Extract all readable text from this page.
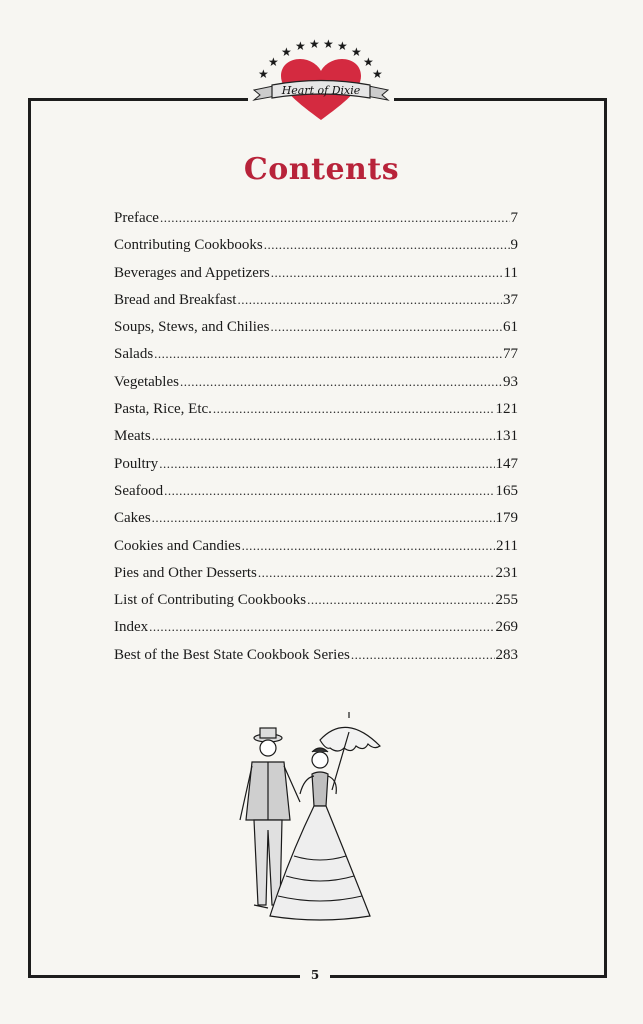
★
★
★ ★ ★ ★ ★ ★
★
★
Heart of Dixie
Contents
Preface .....	7
Contributing Cookbooks .....	9
Beverages and Appetizers .....	11
Bread and Breakfast .....	37
Soups, Stews, and Chilies .....	61
Salads .....	77
Vegetables .....	93
Pasta, Rice, Etc. .....	121
Meats .....	131
Poultry .....	147
Seafood .....	165
Cakes .....	179
Cookies and Candies .....	211
Pies and Other Desserts .....	231
List of Contributing Cookbooks .....	255
Index .....	269
Best of the Best State Cookbook Series .....	283
5
